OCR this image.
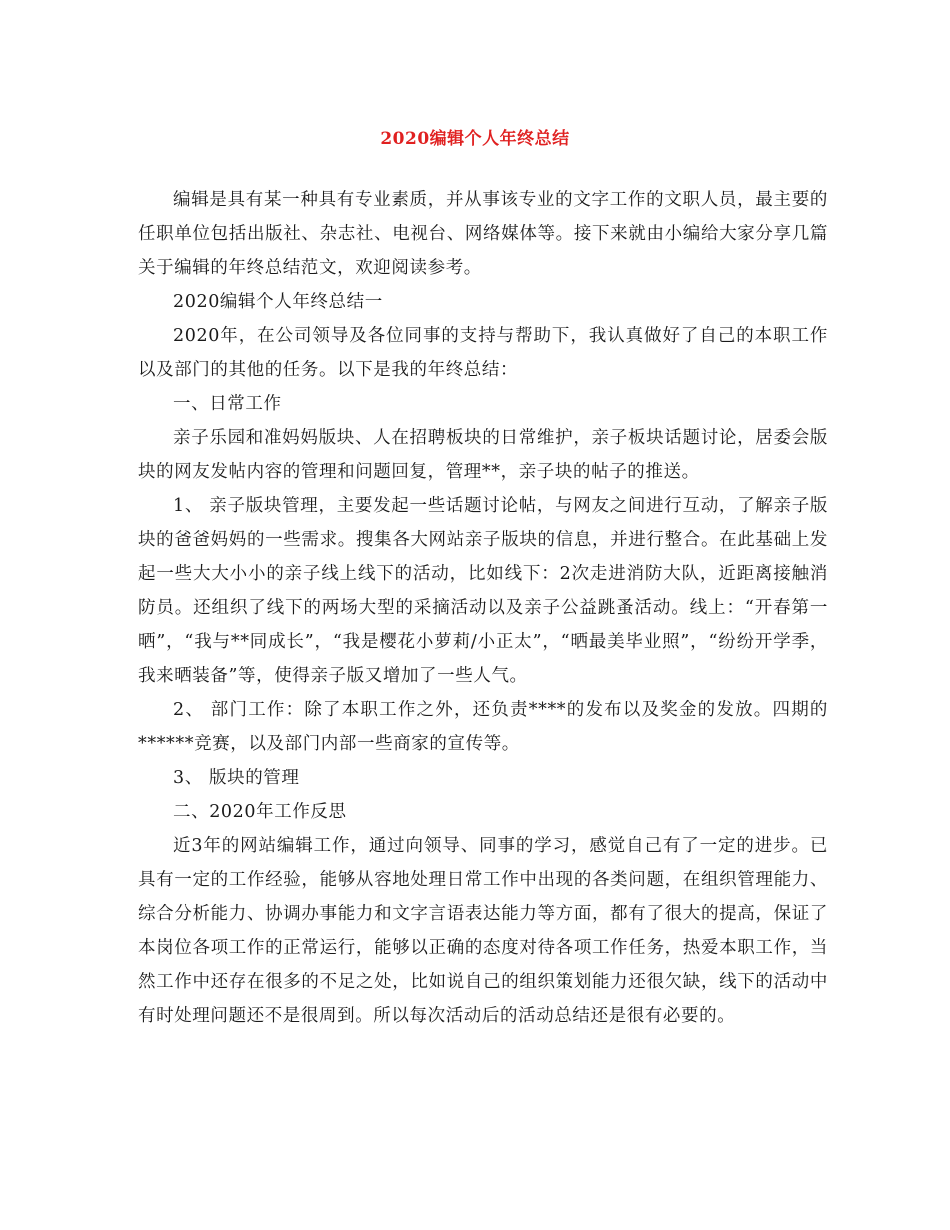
2020编辑个人年终总结

编辑是具有某一种具有专业素质，并从事该专业的文字工作的文职人员，最主要的任职单位包括出版社、杂志社、电视台、网络媒体等。接下来就由小编给大家分享几篇关于编辑的年终总结范文，欢迎阅读参考。

2020编辑个人年终总结一

2020年，在公司领导及各位同事的支持与帮助下，我认真做好了自己的本职工作以及部门的其他的任务。以下是我的年终总结：

一、日常工作

亲子乐园和准妈妈版块、人在招聘板块的日常维护，亲子板块话题讨论，居委会版块的网友发帖内容的管理和问题回复，管理**，亲子块的帖子的推送。

1、 亲子版块管理，主要发起一些话题讨论帖，与网友之间进行互动，了解亲子版块的爸爸妈妈的一些需求。搜集各大网站亲子版块的信息，并进行整合。在此基础上发起一些大大小小的亲子线上线下的活动，比如线下：2次走进消防大队，近距离接触消防员。还组织了线下的两场大型的采摘活动以及亲子公益跳蚤活动。线上：“开春第一晒”，“我与**同成长”，“我是樱花小萝莉/小正太”，“晒最美毕业照”，“纷纷开学季，我来晒装备”等，使得亲子版又增加了一些人气。

2、 部门工作：除了本职工作之外，还负责****的发布以及奖金的发放。四期的******竞赛，以及部门内部一些商家的宣传等。

3、 版块的管理

二、2020年工作反思

近3年的网站编辑工作，通过向领导、同事的学习，感觉自己有了一定的进步。已具有一定的工作经验，能够从容地处理日常工作中出现的各类问题，在组织管理能力、综合分析能力、协调办事能力和文字言语表达能力等方面，都有了很大的提高，保证了本岗位各项工作的正常运行，能够以正确的态度对待各项工作任务，热爱本职工作，当然工作中还存在很多的不足之处，比如说自己的组织策划能力还很欠缺，线下的活动中有时处理问题还不是很周到。所以每次活动后的活动总结还是很有必要的。
